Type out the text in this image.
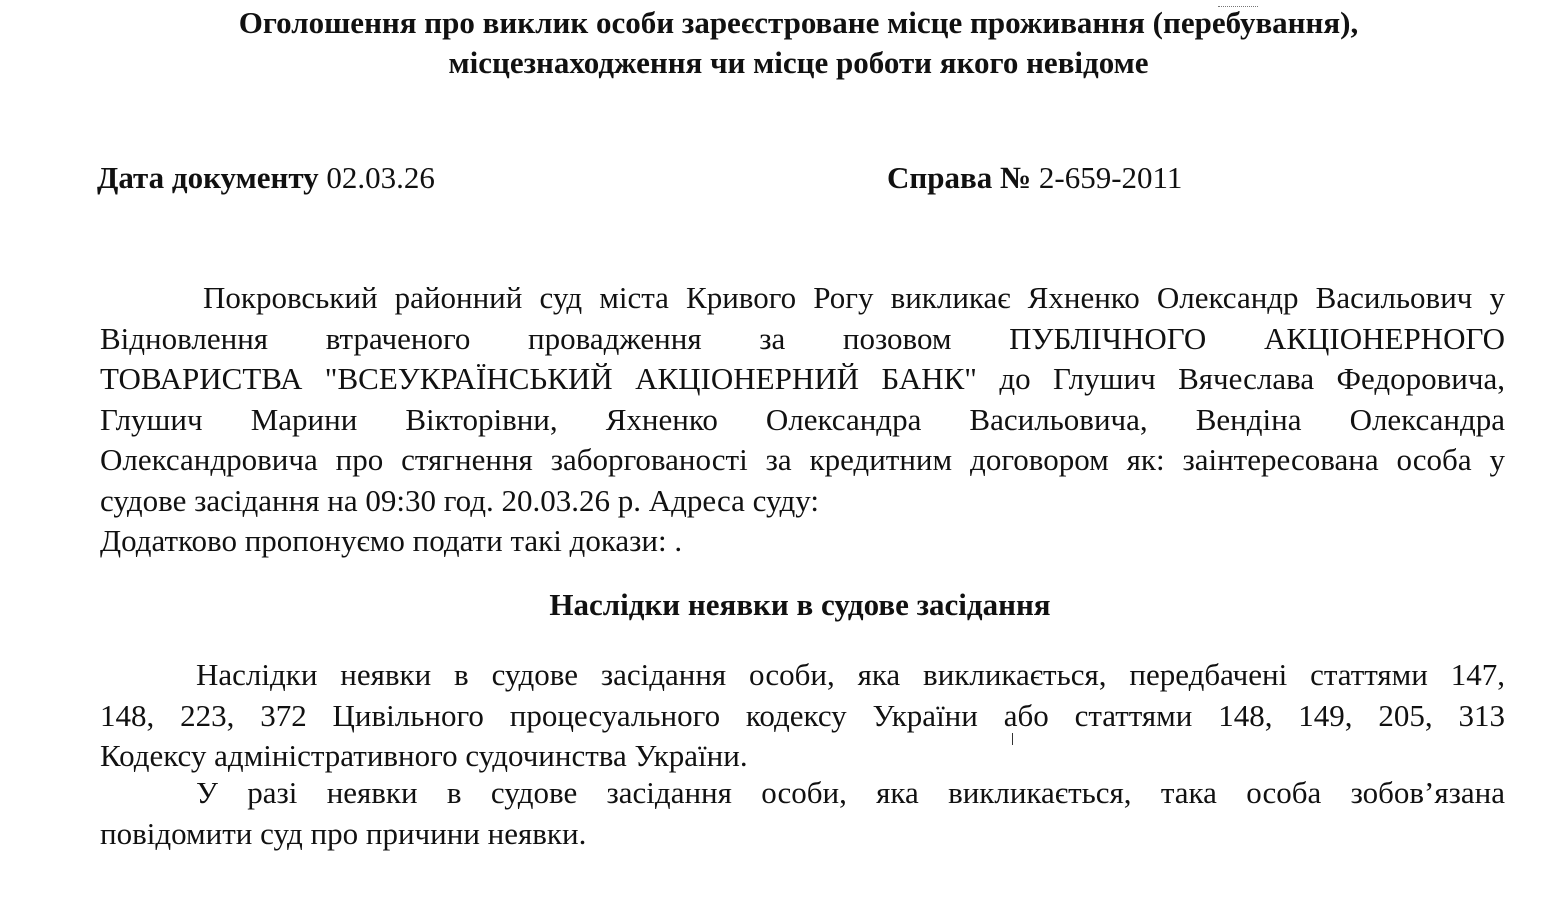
Оголошення про виклик особи зареєстроване місце проживання (перебування),

місцезнаходження чи місце роботи якого невідоме

Дата документу 02.03.26	Справа № 2-659-2011
Покровський районний суд міста Кривого Рогу викликає Яхненко Олександр Васильович у
Відновлення втраченого провадження за позовом ПУБЛІЧНОГО АКЦІОНЕРНОГО
ТОВАРИСТВА "ВСЕУКРАЇНСЬКИЙ АКЦІОНЕРНИЙ БАНК" до Глушич Вячеслава Федоровича,
Глушич Марини Вікторівни, Яхненко Олександра Васильовича, Вендіна Олександра
Олександровича про стягнення заборгованості за кредитним договором як: заінтересована особа у
судове засідання на 09:30 год. 20.03.26 р. Адреса суду:
Додатково пропонуємо подати такі докази: .

Наслідки неявки в судове засідання

Наслідки неявки в судове засідання особи, яка викликається, передбачені статтями 147,
148, 223, 372 Цивільного процесуального кодексу України або статтями 148, 149, 205, 313
Кодексу адміністративного судочинства України.
У разі неявки в судове засідання особи, яка викликається, така особа зобов’язана
повідомити суд про причини неявки.
